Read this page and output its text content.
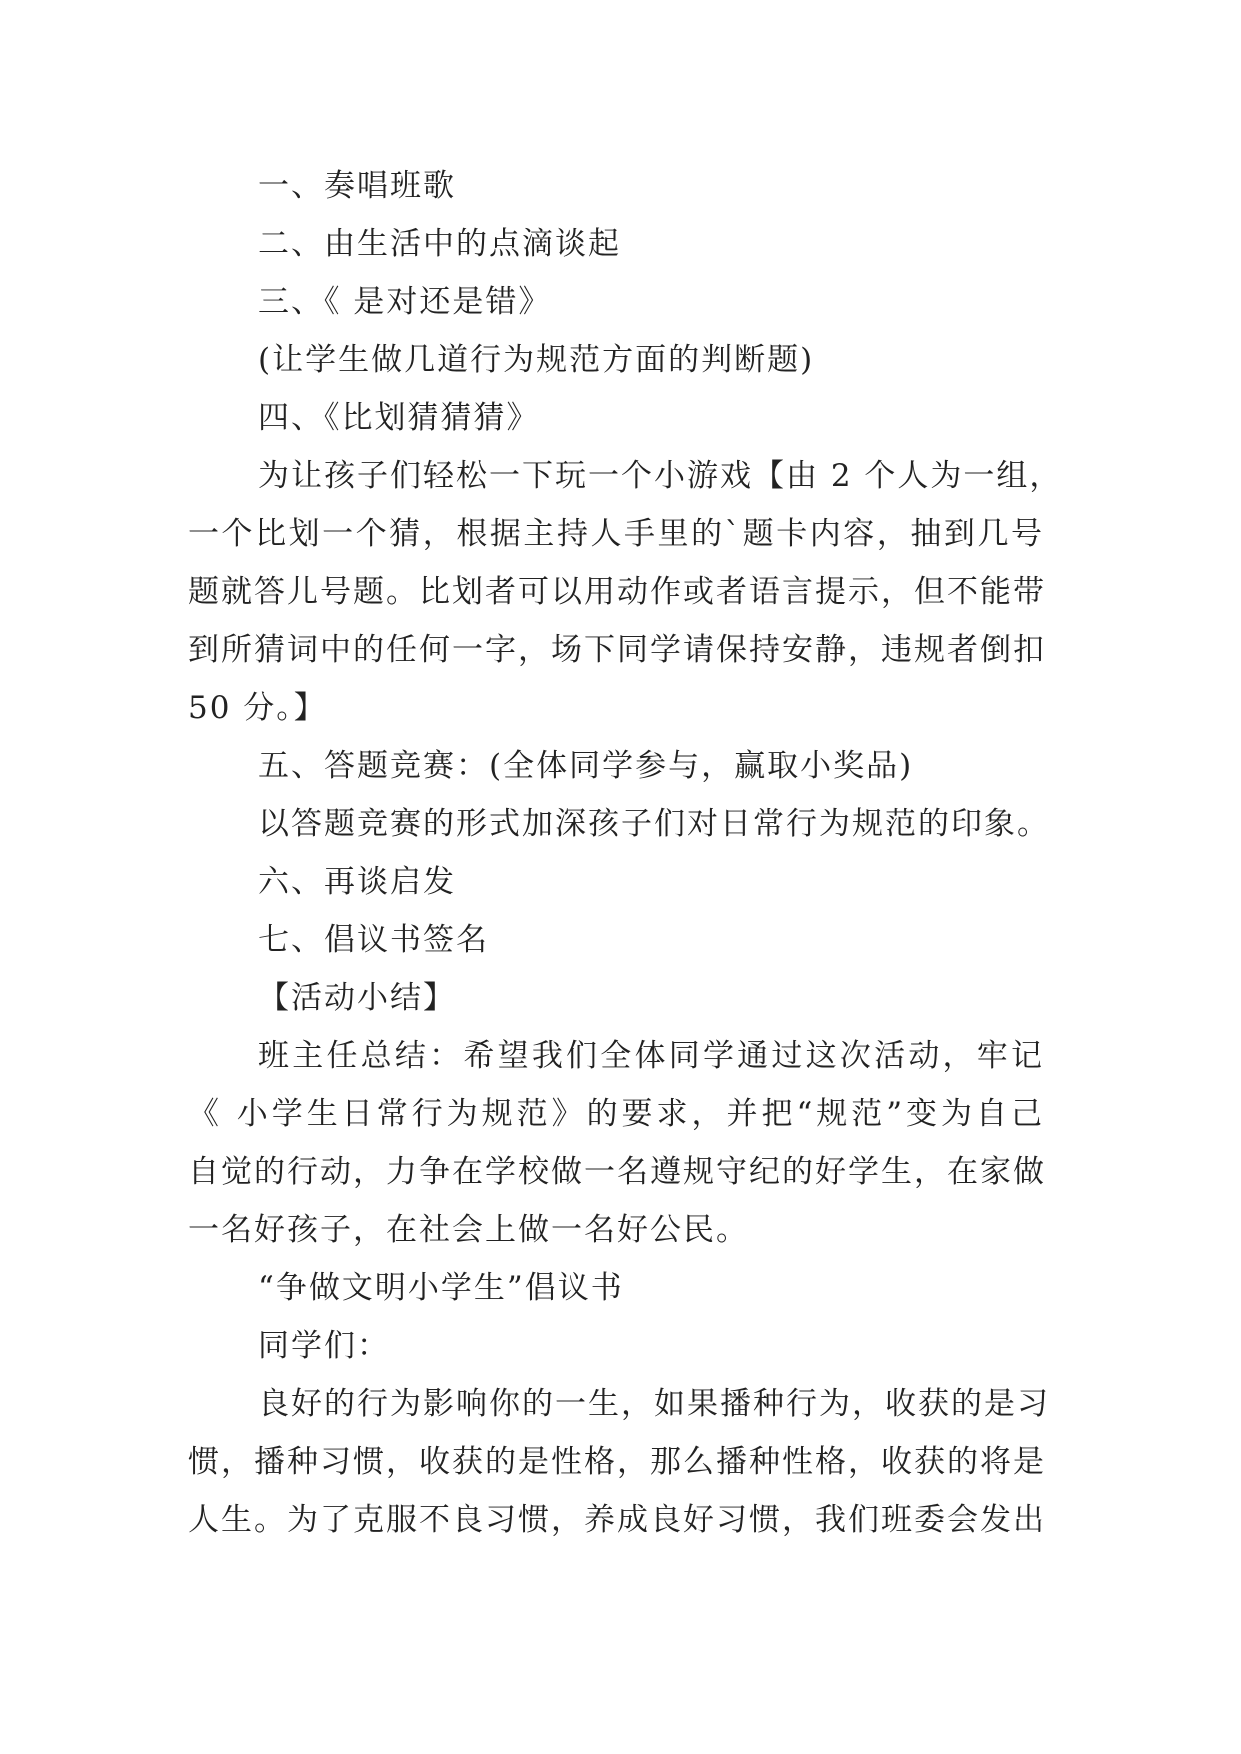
一、奏唱班歌
二、由生活中的点滴谈起
三、《 是对还是错》
(让学生做几道行为规范方面的判断题)
四、《比划猜猜猜》
为让孩子们轻松一下玩一个小游戏【由 2 个人为一组，
一个比划一个猜，根据主持人手里的`题卡内容，抽到几号
题就答儿号题。比划者可以用动作或者语言提示，但不能带
到所猜词中的任何一字，场下同学请保持安静，违规者倒扣
50 分。】
五、答题竞赛：(全体同学参与，赢取小奖品)
以答题竞赛的形式加深孩子们对日常行为规范的印象。
六、再谈启发
七、倡议书签名
【活动小结】
班主任总结：希望我们全体同学通过这次活动，牢记
《 小学生日常行为规范》的要求，并把“规范”变为自己
自觉的行动，力争在学校做一名遵规守纪的好学生，在家做
一名好孩子，在社会上做一名好公民。
“争做文明小学生”倡议书
同学们：
良好的行为影响你的一生，如果播种行为，收获的是习
惯，播种习惯，收获的是性格，那么播种性格，收获的将是
人生。为了克服不良习惯，养成良好习惯，我们班委会发出
